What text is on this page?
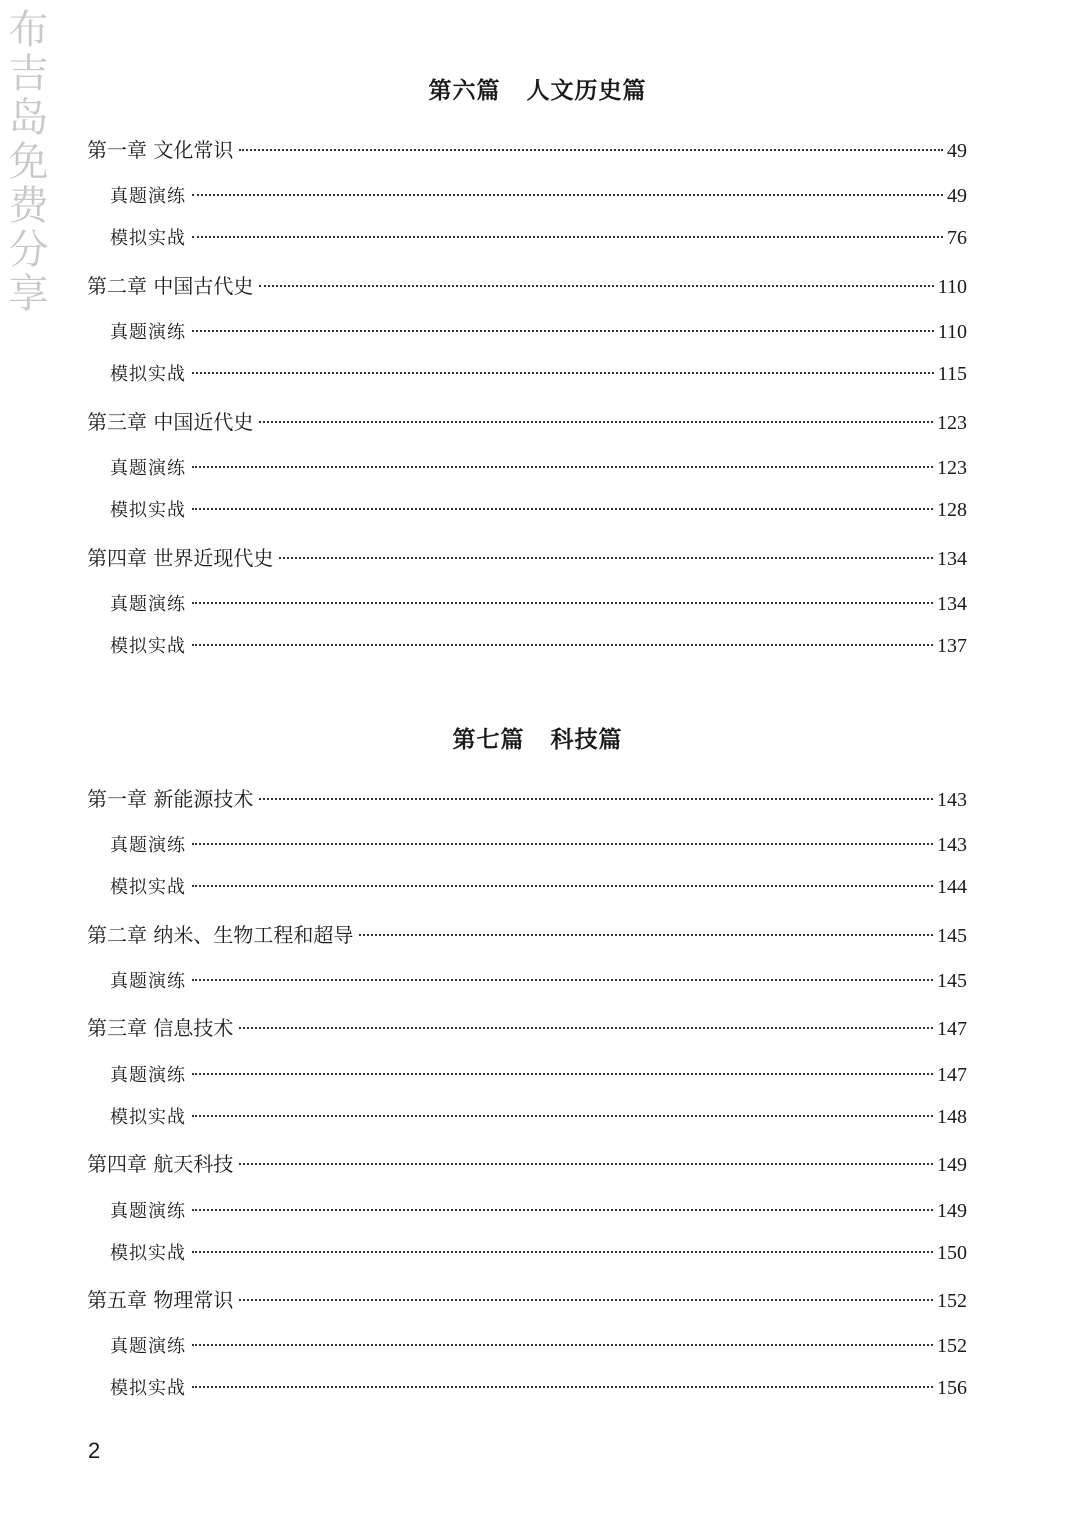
布吉岛免费分享	第六篇 人文历史篇
第七篇 科技篇
第一章 文化常识	49
真题演练	49
模拟实战	76
第二章 中国古代史	110
真题演练	110
模拟实战	115
第三章 中国近代史	123
真题演练	123
模拟实战	128
第四章 世界近现代史	134
真题演练	134
模拟实战	137
第一章 新能源技术	143
真题演练	143
模拟实战	144
第二章 纳米、生物工程和超导	145
真题演练	145
第三章 信息技术	147
真题演练	147
模拟实战	148
第四章 航天科技	149
真题演练	149
模拟实战	150
第五章 物理常识	152
真题演练	152
模拟实战	156
2
